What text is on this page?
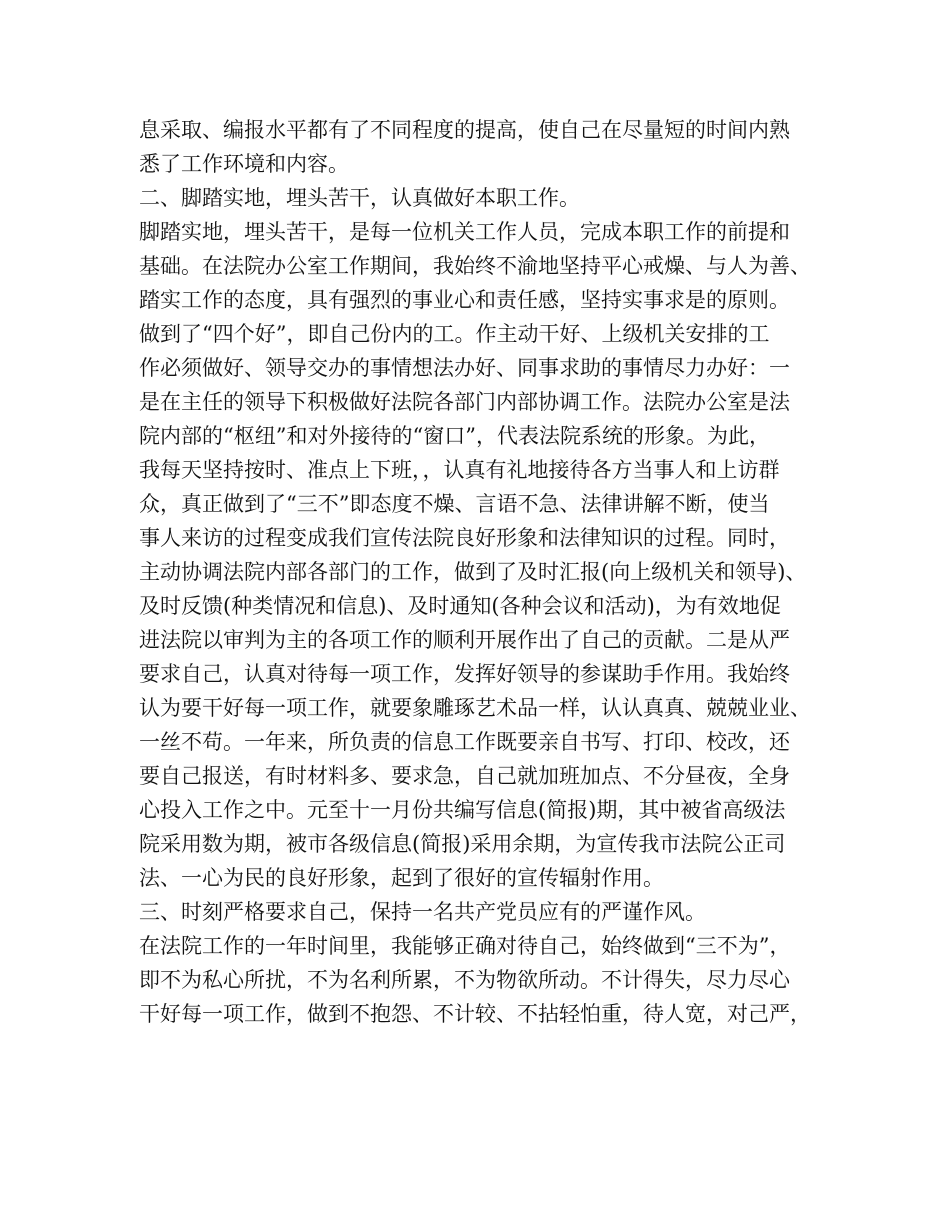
息采取、编报水平都有了不同程度的提高，使自己在尽量短的时间内熟
悉了工作环境和内容。
二、脚踏实地，埋头苦干，认真做好本职工作。
脚踏实地，埋头苦干，是每一位机关工作人员，完成本职工作的前提和
基础。在法院办公室工作期间，我始终不渝地坚持平心戒燥、与人为善、
踏实工作的态度，具有强烈的事业心和责任感，坚持实事求是的原则。
做到了“四个好”，即自己份内的工。作主动干好、上级机关安排的工
作必须做好、领导交办的事情想法办好、同事求助的事情尽力办好：一
是在主任的领导下积极做好法院各部门内部协调工作。法院办公室是法
院内部的“枢纽”和对外接待的“窗口”，代表法院系统的形象。为此，
我每天坚持按时、准点上下班，，认真有礼地接待各方当事人和上访群
众，真正做到了“三不”即态度不燥、言语不急、法律讲解不断，使当
事人来访的过程变成我们宣传法院良好形象和法律知识的过程。同时，
主动协调法院内部各部门的工作，做到了及时汇报(向上级机关和领导)、
及时反馈(种类情况和信息)、及时通知(各种会议和活动)，为有效地促
进法院以审判为主的各项工作的顺利开展作出了自己的贡献。二是从严
要求自己，认真对待每一项工作，发挥好领导的参谋助手作用。我始终
认为要干好每一项工作，就要象雕琢艺术品一样，认认真真、兢兢业业、
一丝不苟。一年来，所负责的信息工作既要亲自书写、打印、校改，还
要自己报送，有时材料多、要求急，自己就加班加点、不分昼夜，全身
心投入工作之中。元至十一月份共编写信息(简报)期，其中被省高级法
院采用数为期，被市各级信息(简报)采用余期，为宣传我市法院公正司
法、一心为民的良好形象，起到了很好的宣传辐射作用。
三、时刻严格要求自己，保持一名共产党员应有的严谨作风。
在法院工作的一年时间里，我能够正确对待自己，始终做到“三不为”，
即不为私心所扰，不为名利所累，不为物欲所动。不计得失，尽力尽心
干好每一项工作，做到不抱怨、不计较、不拈轻怕重，待人宽，对己严，
